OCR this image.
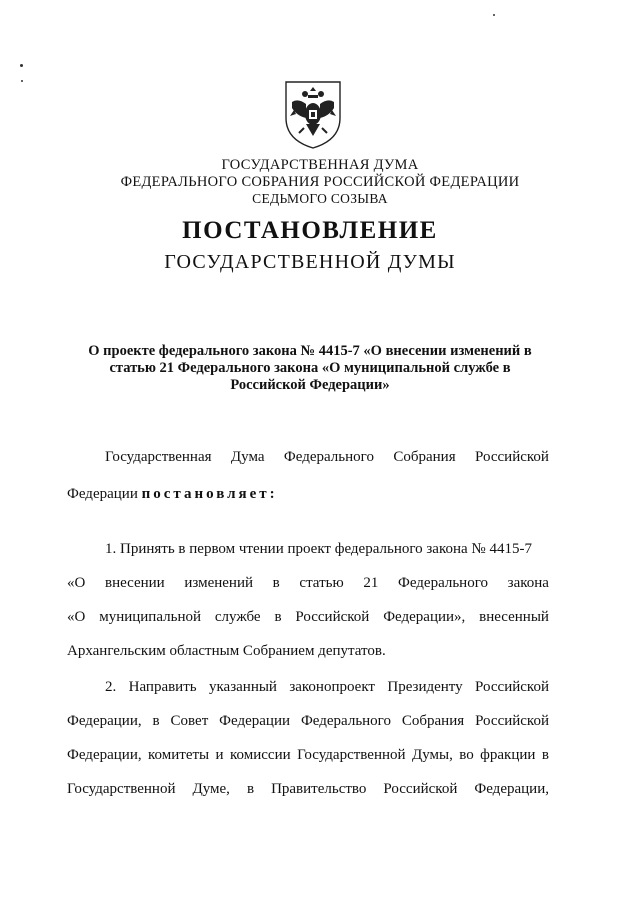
ГОСУДАРСТВЕННАЯ ДУМА
ФЕДЕРАЛЬНОГО СОБРАНИЯ РОССИЙСКОЙ ФЕДЕРАЦИИ
СЕДЬМОГО СОЗЫВА
ПОСТАНОВЛЕНИЕ
ГОСУДАРСТВЕННОЙ ДУМЫ
О проекте федерального закона № 4415-7 «О внесении изменений в
статью 21 Федерального закона «О муниципальной службе в
Российской Федерации»
Государственная Дума Федерального Собрания Российской
Федерации постановляет:
1. Принять в первом чтении проект федерального закона № 4415-7
«О внесении изменений в статью 21 Федерального закона
«О муниципальной службе в Российской Федерации», внесенный
Архангельским областным Собранием депутатов.
2. Направить указанный законопроект Президенту Российской
Федерации, в Совет Федерации Федерального Собрания Российской
Федерации, комитеты и комиссии Государственной Думы, во фракции в
Государственной Думе, в Правительство Российской Федерации,
